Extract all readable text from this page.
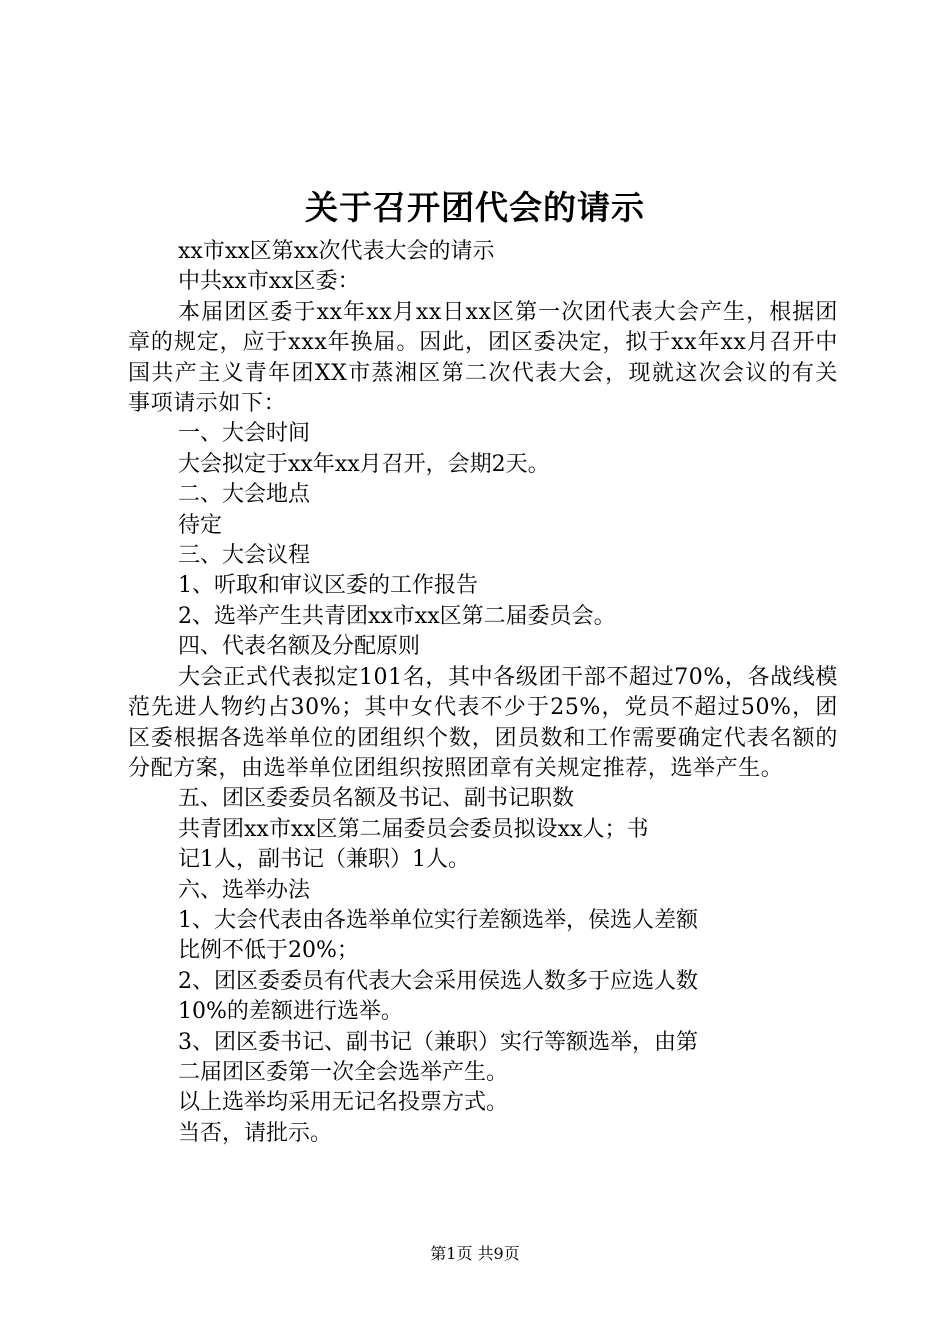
关于召开团代会的请示

xx市xx区第xx次代表大会的请示

中共xx市xx区委：

本届团区委于xx年xx月xx日xx区第一次团代表大会产生，根据团章的规定，应于xxx年换届。因此，团区委决定，拟于xx年xx月召开中国共产主义青年团XX市蒸湘区第二次代表大会，现就这次会议的有关事项请示如下：

一、大会时间

大会拟定于xx年xx月召开，会期2天。

二、大会地点

待定

三、大会议程

1、听取和审议区委的工作报告

2、选举产生共青团xx市xx区第二届委员会。

四、代表名额及分配原则

大会正式代表拟定101名，其中各级团干部不超过70%，各战线模范先进人物约占30%；其中女代表不少于25%，党员不超过50%，团区委根据各选举单位的团组织个数，团员数和工作需要确定代表名额的分配方案，由选举单位团组织按照团章有关规定推荐，选举产生。

五、团区委委员名额及书记、副书记职数

共青团xx市xx区第二届委员会委员拟设xx人；书

记1人，副书记（兼职）1人。

六、选举办法

1、大会代表由各选举单位实行差额选举，侯选人差额

比例不低于20%；

2、团区委委员有代表大会采用侯选人数多于应选人数

10%的差额进行选举。

3、团区委书记、副书记（兼职）实行等额选举，由第

二届团区委第一次全会选举产生。

以上选举均采用无记名投票方式。

当否，请批示。

第1页 共9页
